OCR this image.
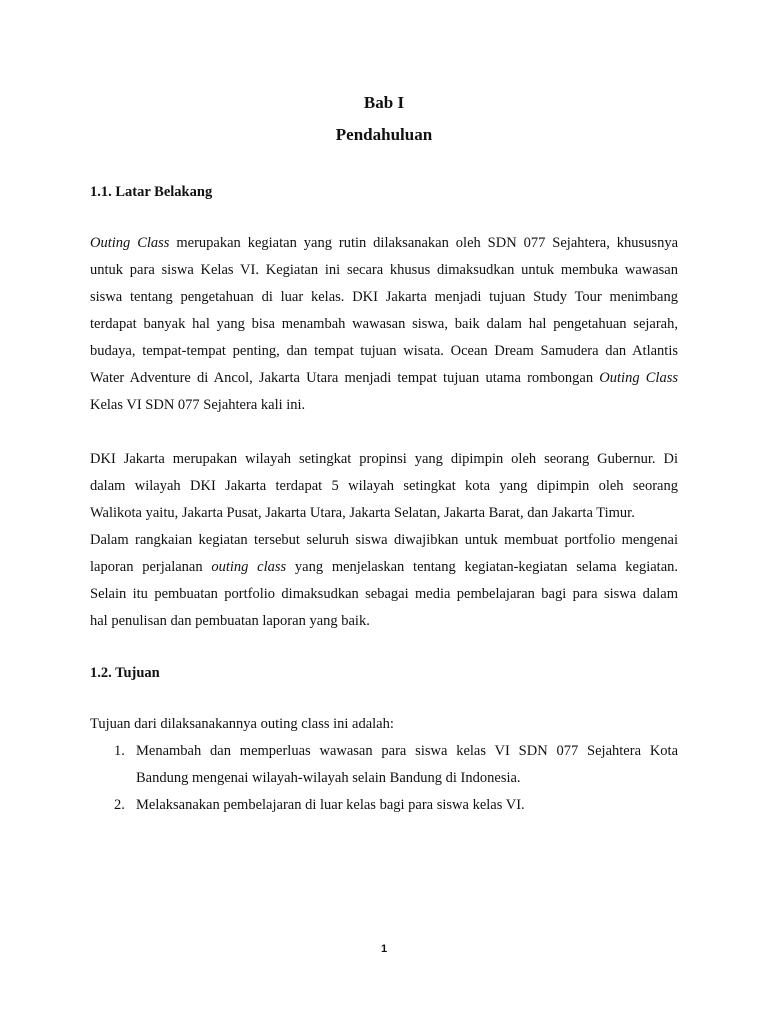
Bab I
Pendahuluan
1.1. Latar Belakang
Outing Class merupakan kegiatan yang rutin dilaksanakan oleh SDN 077 Sejahtera, khususnya
untuk para siswa Kelas VI. Kegiatan ini secara khusus dimaksudkan untuk membuka wawasan
siswa tentang pengetahuan di luar kelas. DKI Jakarta menjadi tujuan Study Tour menimbang
terdapat banyak hal yang bisa menambah wawasan siswa, baik dalam hal pengetahuan sejarah,
budaya, tempat-tempat penting, dan tempat tujuan wisata. Ocean Dream Samudera dan Atlantis
Water Adventure di Ancol, Jakarta Utara menjadi tempat tujuan utama rombongan Outing Class
Kelas VI SDN 077 Sejahtera kali ini.
DKI Jakarta merupakan wilayah setingkat propinsi yang dipimpin oleh seorang Gubernur. Di
dalam wilayah DKI Jakarta terdapat 5 wilayah setingkat kota yang dipimpin oleh seorang
Walikota yaitu, Jakarta Pusat, Jakarta Utara, Jakarta Selatan, Jakarta Barat, dan Jakarta Timur.
Dalam rangkaian kegiatan tersebut seluruh siswa diwajibkan untuk membuat portfolio mengenai
laporan perjalanan outing class yang menjelaskan tentang kegiatan-kegiatan selama kegiatan.
Selain itu pembuatan portfolio dimaksudkan sebagai media pembelajaran bagi para siswa dalam
hal penulisan dan pembuatan laporan yang baik.
1.2. Tujuan
Tujuan dari dilaksanakannya outing class ini adalah:
1. Menambah dan memperluas wawasan para siswa kelas VI SDN 077 Sejahtera Kota
Bandung mengenai wilayah-wilayah selain Bandung di Indonesia.
2. Melaksanakan pembelajaran di luar kelas bagi para siswa kelas VI.
1
